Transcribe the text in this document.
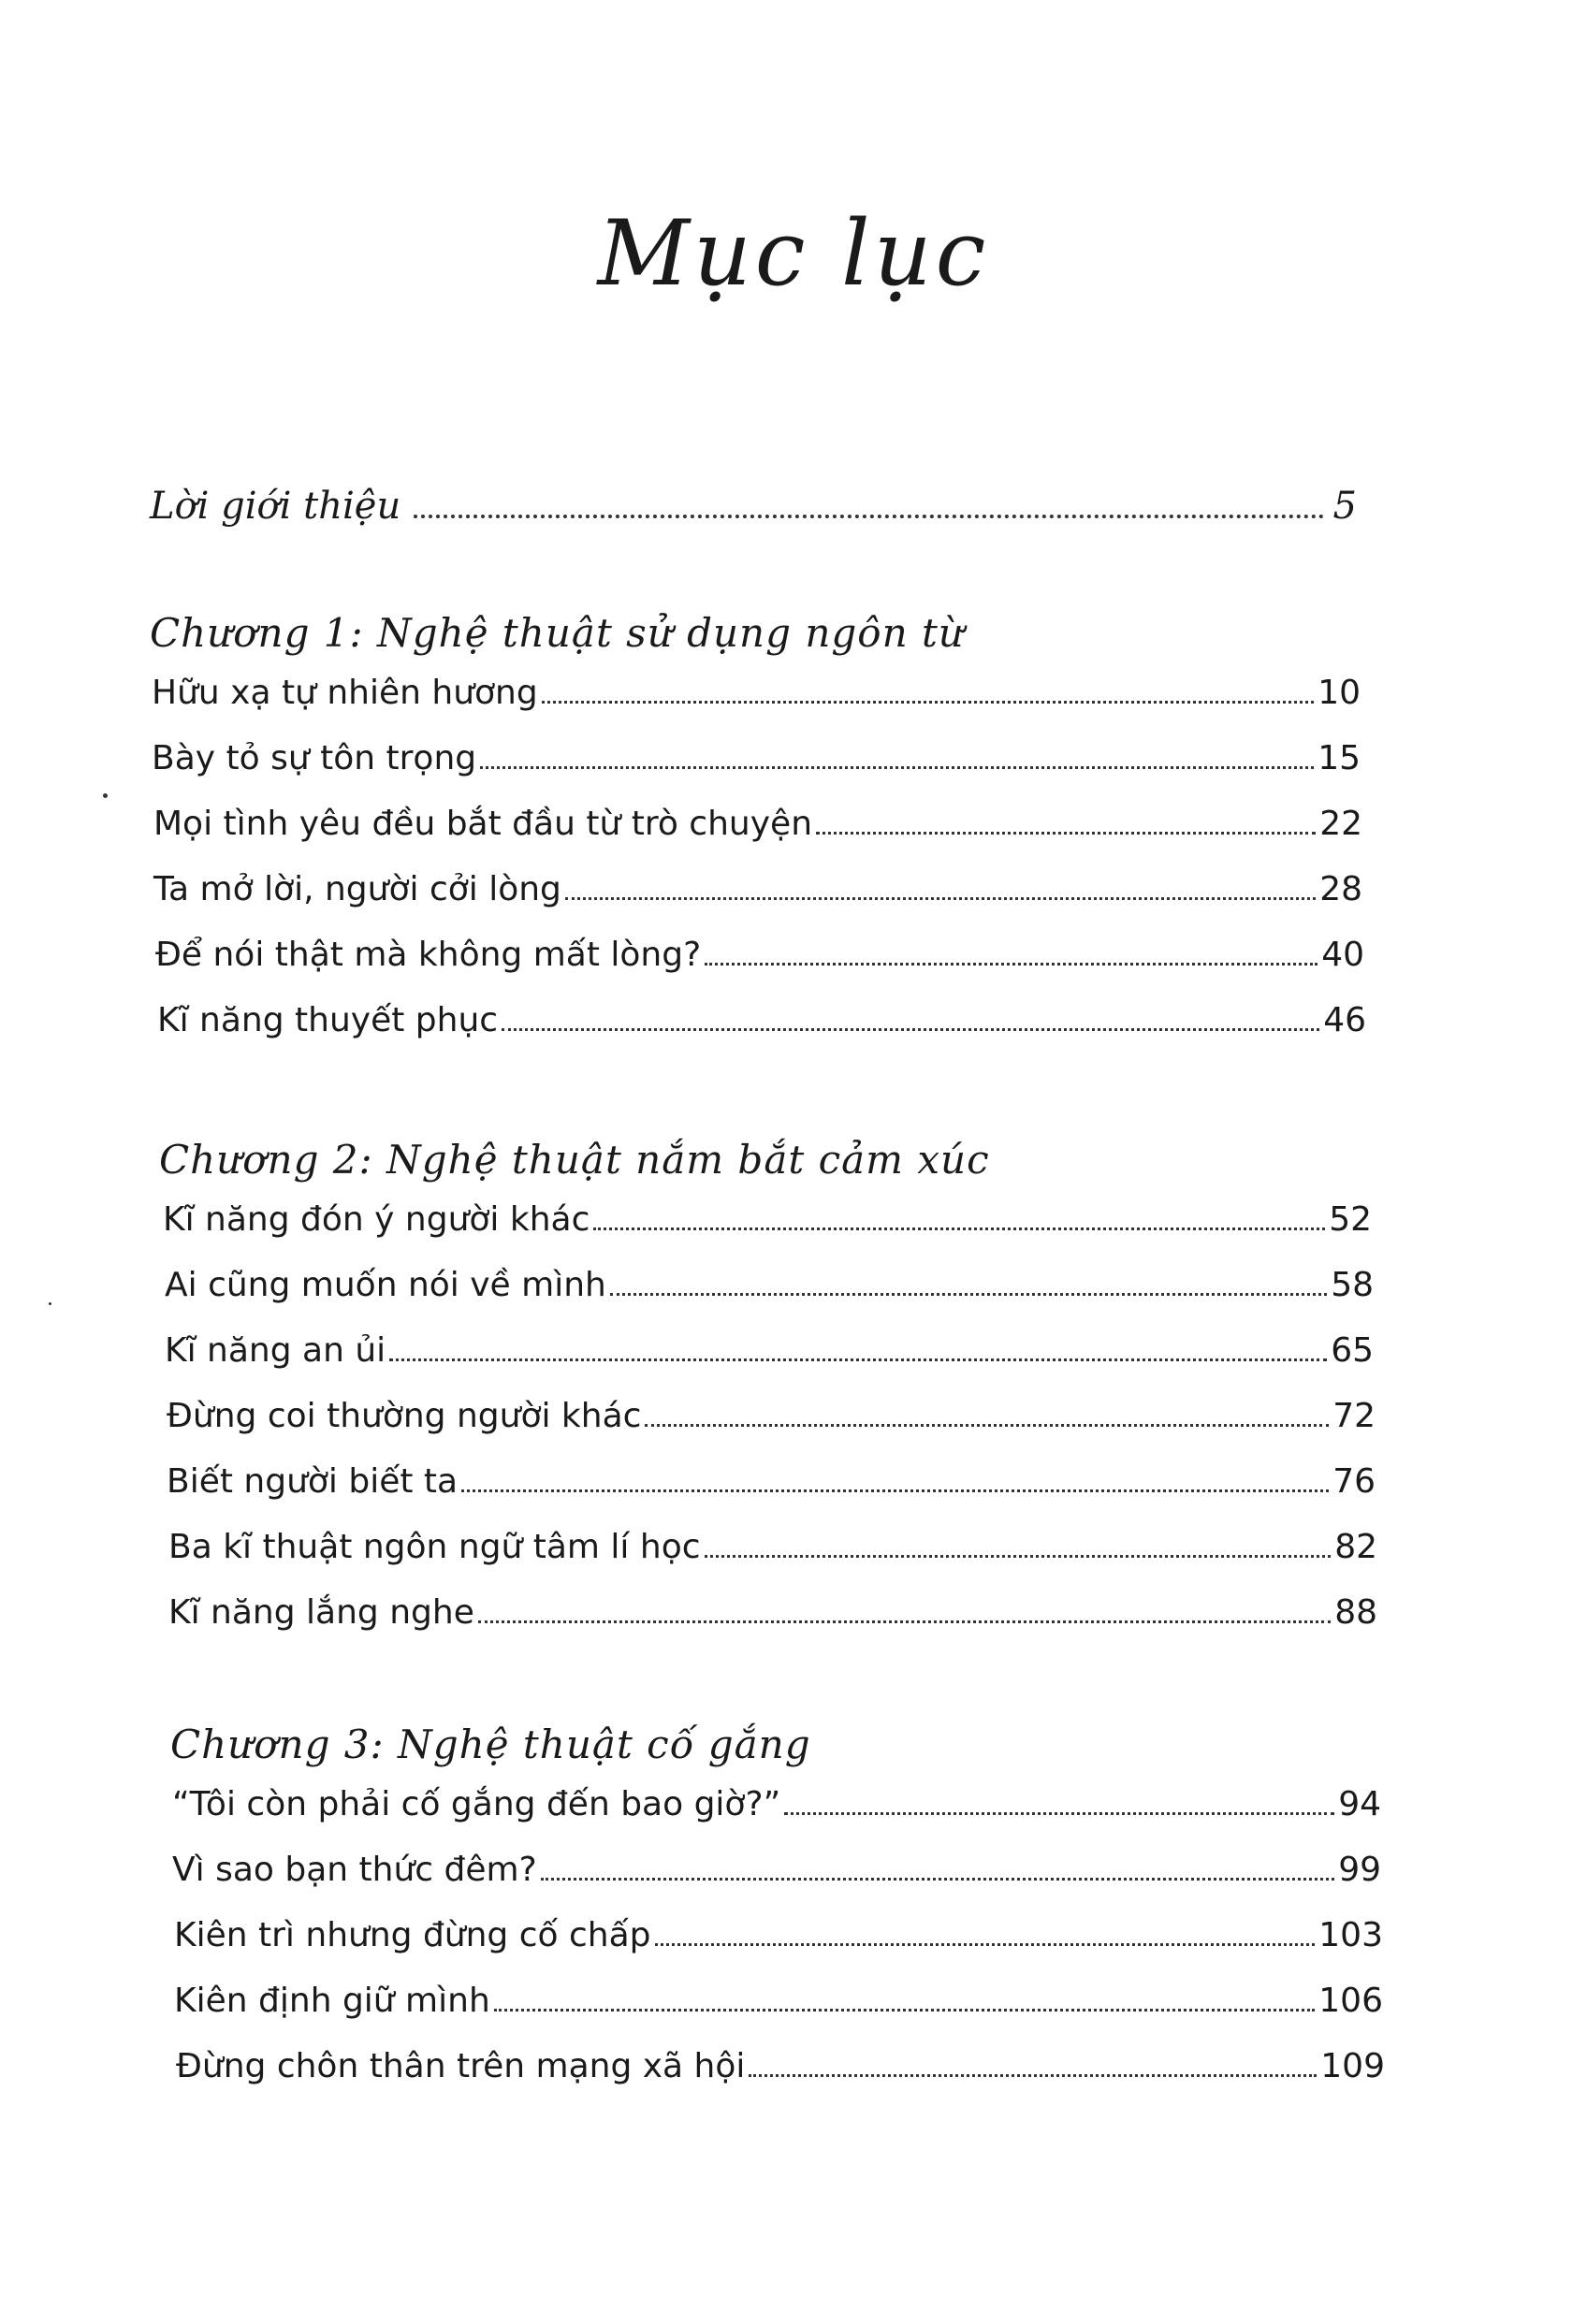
Mục lục
Lời giới thiệu	5
Chương 1: Nghệ thuật sử dụng ngôn từ
Hữu xạ tự nhiên hương	10
Bày tỏ sự tôn trọng	15
Mọi tình yêu đều bắt đầu từ trò chuyện	22
Ta mở lời, người cởi lòng	28
Để nói thật mà không mất lòng?	40
Kĩ năng thuyết phục	46
Chương 2: Nghệ thuật nắm bắt cảm xúc
Kĩ năng đón ý người khác	52
Ai cũng muốn nói về mình	58
Kĩ năng an ủi	65
Đừng coi thường người khác	72
Biết người biết ta	76
Ba kĩ thuật ngôn ngữ tâm lí học	82
Kĩ năng lắng nghe	88
Chương 3: Nghệ thuật cố gắng
“Tôi còn phải cố gắng đến bao giờ?”	94
Vì sao bạn thức đêm?	99
Kiên trì nhưng đừng cố chấp	103
Kiên định giữ mình	106
Đừng chôn thân trên mạng xã hội	109
